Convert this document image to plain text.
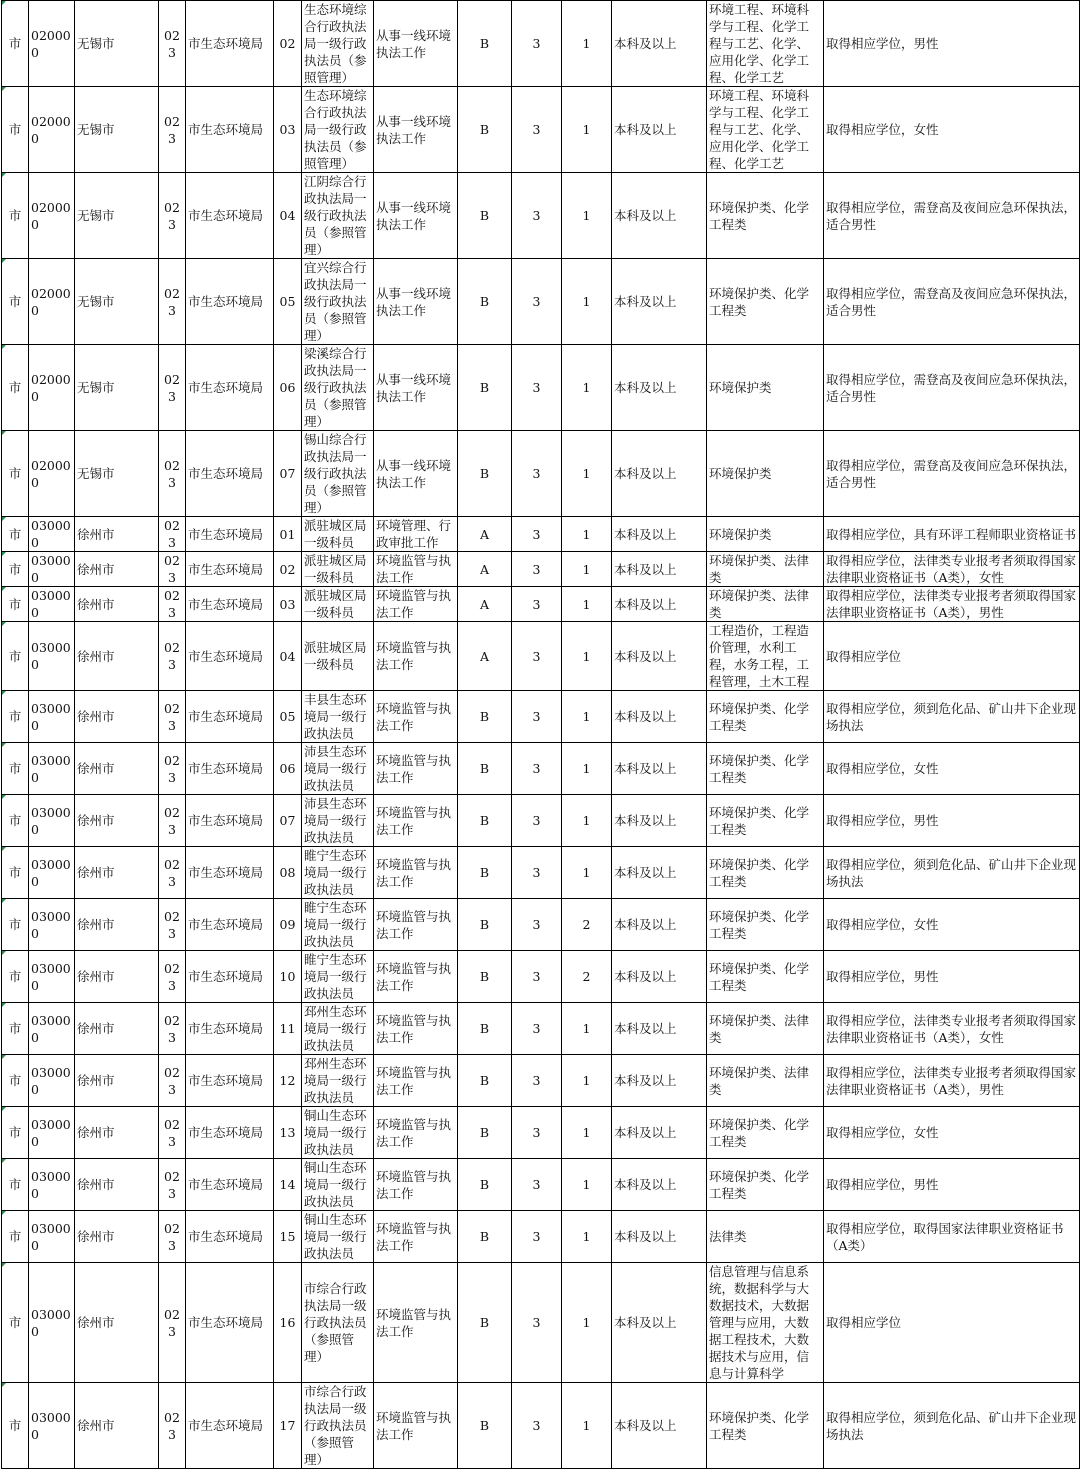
市	020000	无锡市	023	市生态环境局	02	生态环境综合行政执法局一级行政执法员（参照管理）	从事一线环境执法工作	B	3	1	本科及以上	环境工程、环境科学与工程、化学工程与工艺、化学、应用化学、化学工程、化学工艺	取得相应学位，男性
市	020000	无锡市	023	市生态环境局	03	生态环境综合行政执法局一级行政执法员（参照管理）	从事一线环境执法工作	B	3	1	本科及以上	环境工程、环境科学与工程、化学工程与工艺、化学、应用化学、化学工程、化学工艺	取得相应学位，女性
市	020000	无锡市	023	市生态环境局	04	江阴综合行政执法局一级行政执法员（参照管理）	从事一线环境执法工作	B	3	1	本科及以上	环境保护类、化学工程类	取得相应学位，需登高及夜间应急环保执法，适合男性
市	020000	无锡市	023	市生态环境局	05	宜兴综合行政执法局一级行政执法员（参照管理）	从事一线环境执法工作	B	3	1	本科及以上	环境保护类、化学工程类	取得相应学位，需登高及夜间应急环保执法，适合男性
市	020000	无锡市	023	市生态环境局	06	梁溪综合行政执法局一级行政执法员（参照管理）	从事一线环境执法工作	B	3	1	本科及以上	环境保护类	取得相应学位，需登高及夜间应急环保执法，适合男性
市	020000	无锡市	023	市生态环境局	07	锡山综合行政执法局一级行政执法员（参照管理）	从事一线环境执法工作	B	3	1	本科及以上	环境保护类	取得相应学位，需登高及夜间应急环保执法，适合男性
市	030000	徐州市	023	市生态环境局	01	派驻城区局一级科员	环境管理、行政审批工作	A	3	1	本科及以上	环境保护类	取得相应学位，具有环评工程师职业资格证书
市	030000	徐州市	023	市生态环境局	02	派驻城区局一级科员	环境监管与执法工作	A	3	1	本科及以上	环境保护类、法律类	取得相应学位，法律类专业报考者须取得国家法律职业资格证书（A类），女性
市	030000	徐州市	023	市生态环境局	03	派驻城区局一级科员	环境监管与执法工作	A	3	1	本科及以上	环境保护类、法律类	取得相应学位，法律类专业报考者须取得国家法律职业资格证书（A类），男性
市	030000	徐州市	023	市生态环境局	04	派驻城区局一级科员	环境监管与执法工作	A	3	1	本科及以上	工程造价，工程造价管理，水利工程，水务工程，工程管理，土木工程	取得相应学位
市	030000	徐州市	023	市生态环境局	05	丰县生态环境局一级行政执法员	环境监管与执法工作	B	3	1	本科及以上	环境保护类、化学工程类	取得相应学位，须到危化品、矿山井下企业现场执法
市	030000	徐州市	023	市生态环境局	06	沛县生态环境局一级行政执法员	环境监管与执法工作	B	3	1	本科及以上	环境保护类、化学工程类	取得相应学位，女性
市	030000	徐州市	023	市生态环境局	07	沛县生态环境局一级行政执法员	环境监管与执法工作	B	3	1	本科及以上	环境保护类、化学工程类	取得相应学位，男性
市	030000	徐州市	023	市生态环境局	08	睢宁生态环境局一级行政执法员	环境监管与执法工作	B	3	1	本科及以上	环境保护类、化学工程类	取得相应学位，须到危化品、矿山井下企业现场执法
市	030000	徐州市	023	市生态环境局	09	睢宁生态环境局一级行政执法员	环境监管与执法工作	B	3	2	本科及以上	环境保护类、化学工程类	取得相应学位，女性
市	030000	徐州市	023	市生态环境局	10	睢宁生态环境局一级行政执法员	环境监管与执法工作	B	3	2	本科及以上	环境保护类、化学工程类	取得相应学位，男性
市	030000	徐州市	023	市生态环境局	11	邳州生态环境局一级行政执法员	环境监管与执法工作	B	3	1	本科及以上	环境保护类、法律类	取得相应学位，法律类专业报考者须取得国家法律职业资格证书（A类），女性
市	030000	徐州市	023	市生态环境局	12	邳州生态环境局一级行政执法员	环境监管与执法工作	B	3	1	本科及以上	环境保护类、法律类	取得相应学位，法律类专业报考者须取得国家法律职业资格证书（A类），男性
市	030000	徐州市	023	市生态环境局	13	铜山生态环境局一级行政执法员	环境监管与执法工作	B	3	1	本科及以上	环境保护类、化学工程类	取得相应学位，女性
市	030000	徐州市	023	市生态环境局	14	铜山生态环境局一级行政执法员	环境监管与执法工作	B	3	1	本科及以上	环境保护类、化学工程类	取得相应学位，男性
市	030000	徐州市	023	市生态环境局	15	铜山生态环境局一级行政执法员	环境监管与执法工作	B	3	1	本科及以上	法律类	取得相应学位，取得国家法律职业资格证书（A类）
市	030000	徐州市	023	市生态环境局	16	市综合行政执法局一级行政执法员（参照管理）	环境监管与执法工作	B	3	1	本科及以上	信息管理与信息系统，数据科学与大数据技术，大数据管理与应用，大数据工程技术，大数据技术与应用，信息与计算科学	取得相应学位
市	030000	徐州市	023	市生态环境局	17	市综合行政执法局一级行政执法员（参照管理）	环境监管与执法工作	B	3	1	本科及以上	环境保护类、化学工程类	取得相应学位，须到危化品、矿山井下企业现场执法
